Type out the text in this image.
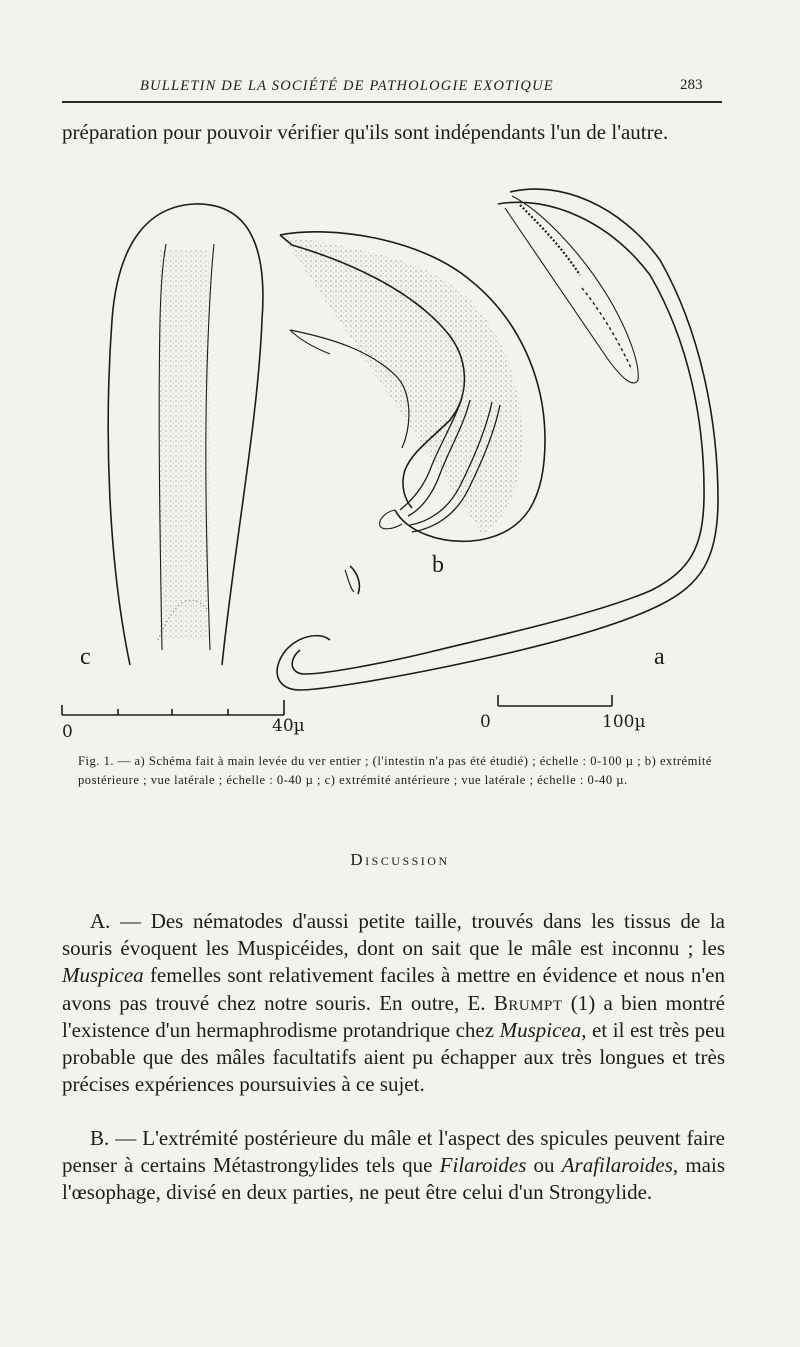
BULLETIN DE LA SOCIÉTÉ DE PATHOLOGIE EXOTIQUE	283
préparation pour pouvoir vérifier qu'ils sont indépendants l'un de l'autre.
c
b
a
0	40µ	0	100µ
Fig. 1. — a) Schéma fait à main levée du ver entier ; (l'intestin n'a pas été étudié) ; échelle : 0-100 µ ; b) extrémité postérieure ; vue latérale ; échelle : 0-40 µ ; c) extrémité antérieure ; vue latérale ; échelle : 0-40 µ.
Discussion
A. — Des nématodes d'aussi petite taille, trouvés dans les tissus de la souris évoquent les Muspicéides, dont on sait que le mâle est inconnu ; les Muspicea femelles sont relativement faciles à mettre en évidence et nous n'en avons pas trouvé chez notre souris. En outre, E. Brumpt (1) a bien montré l'existence d'un hermaphrodisme protandrique chez Muspicea, et il est très peu probable que des mâles facultatifs aient pu échapper aux très longues et très précises expériences poursuivies à ce sujet.
B. — L'extrémité postérieure du mâle et l'aspect des spicules peuvent faire penser à certains Métastrongylides tels que Filaroides ou Arafilaroides, mais l'œsophage, divisé en deux parties, ne peut être celui d'un Strongylide.
